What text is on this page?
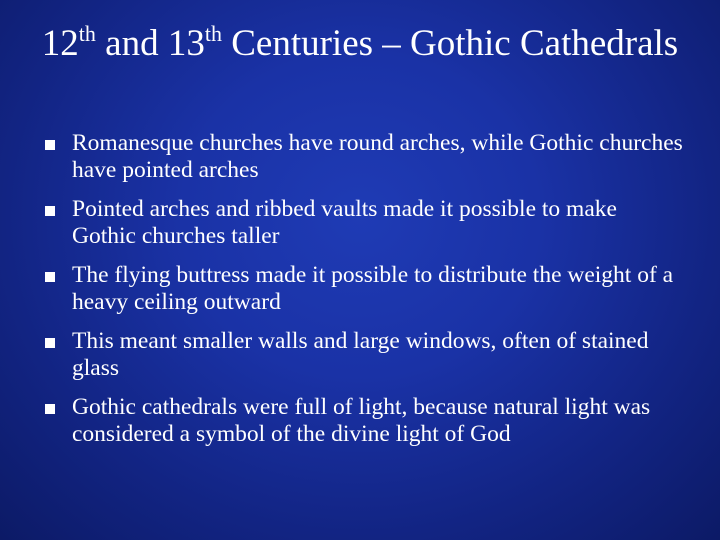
12th and 13th Centuries – Gothic Cathedrals
Romanesque churches have round arches, while Gothic churches have pointed arches
Pointed arches and ribbed vaults made it possible to make Gothic churches taller
The flying buttress made it possible to distribute the weight of a heavy ceiling outward
This meant smaller walls and large windows, often of stained glass
Gothic cathedrals were full of light, because natural light was considered a symbol of the divine light of God
